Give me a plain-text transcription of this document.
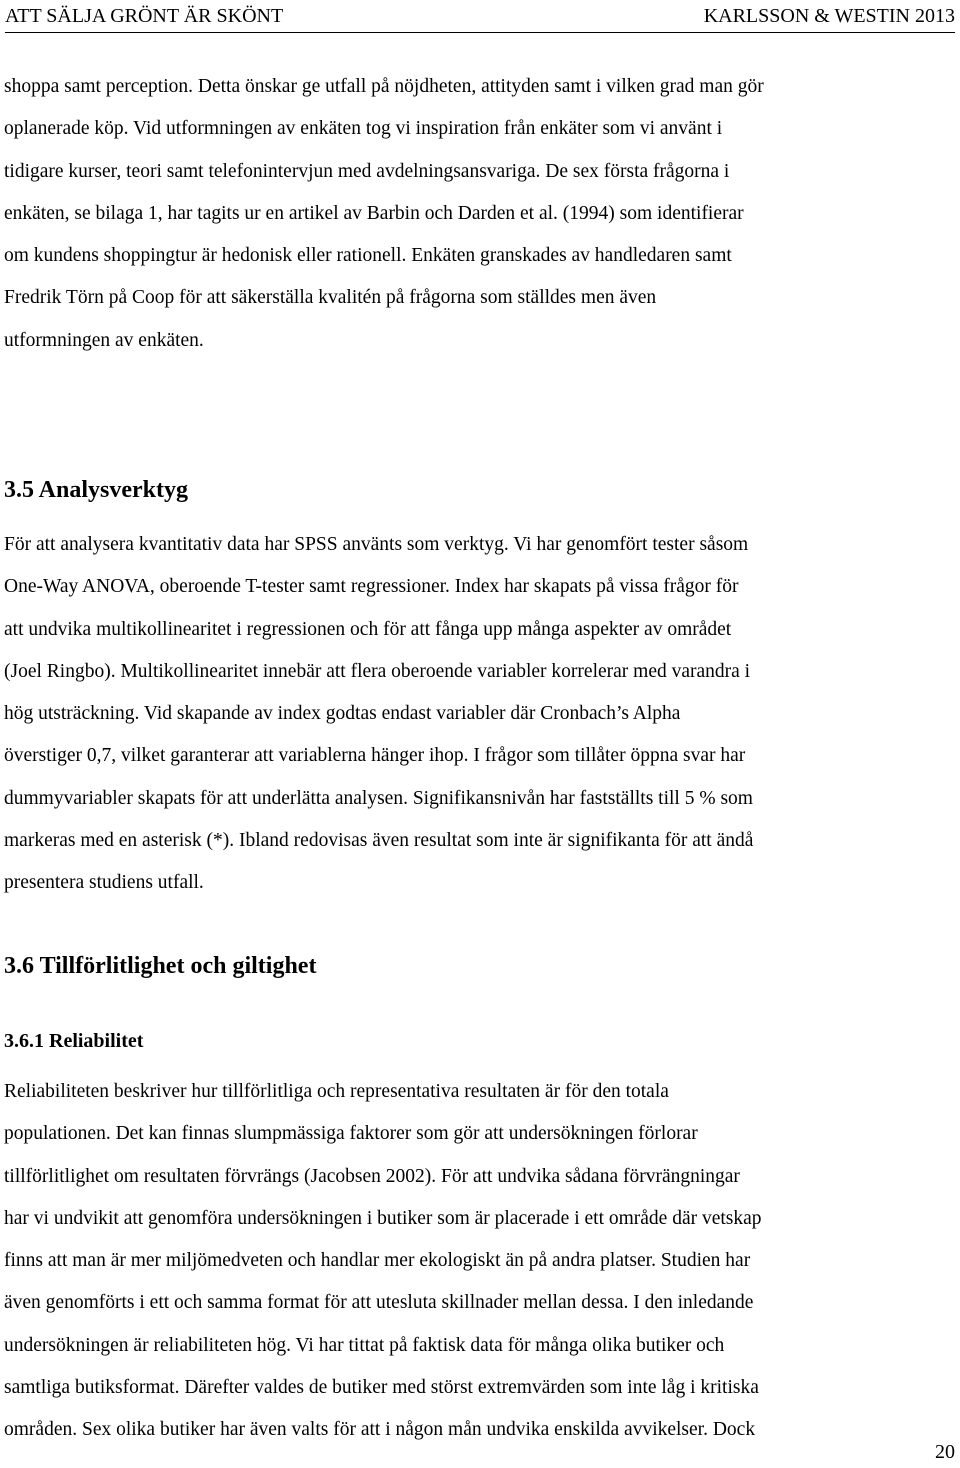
ATT SÄLJA GRÖNT ÄR SKÖNT	KARLSSON & WESTIN 2013

shoppa samt perception. Detta önskar ge utfall på nöjdheten, attityden samt i vilken grad man gör
oplanerade köp. Vid utformningen av enkäten tog vi inspiration från enkäter som vi använt i
tidigare kurser, teori samt telefonintervjun med avdelningsansvariga. De sex första frågorna i
enkäten, se bilaga 1, har tagits ur en artikel av Barbin och Darden et al. (1994) som identifierar
om kundens shoppingtur är hedonisk eller rationell. Enkäten granskades av handledaren samt
Fredrik Törn på Coop för att säkerställa kvalitén på frågorna som ställdes men även
utformningen av enkäten.

3.5 Analysverktyg

För att analysera kvantitativ data har SPSS använts som verktyg. Vi har genomfört tester såsom
One-Way ANOVA, oberoende T-tester samt regressioner. Index har skapats på vissa frågor för
att undvika multikollinearitet i regressionen och för att fånga upp många aspekter av området
(Joel Ringbo). Multikollinearitet innebär att flera oberoende variabler korrelerar med varandra i
hög utsträckning. Vid skapande av index godtas endast variabler där Cronbach’s Alpha
överstiger 0,7, vilket garanterar att variablerna hänger ihop. I frågor som tillåter öppna svar har
dummyvariabler skapats för att underlätta analysen. Signifikansnivån har fastställts till 5 % som
markeras med en asterisk (*). Ibland redovisas även resultat som inte är signifikanta för att ändå
presentera studiens utfall.

3.6 Tillförlitlighet och giltighet
3.6.1 Reliabilitet

Reliabiliteten beskriver hur tillförlitliga och representativa resultaten är för den totala
populationen. Det kan finnas slumpmässiga faktorer som gör att undersökningen förlorar
tillförlitlighet om resultaten förvrängs (Jacobsen 2002). För att undvika sådana förvrängningar
har vi undvikit att genomföra undersökningen i butiker som är placerade i ett område där vetskap
finns att man är mer miljömedveten och handlar mer ekologiskt än på andra platser. Studien har
även genomförts i ett och samma format för att utesluta skillnader mellan dessa. I den inledande
undersökningen är reliabiliteten hög. Vi har tittat på faktisk data för många olika butiker och
samtliga butiksformat. Därefter valdes de butiker med störst extremvärden som inte låg i kritiska
områden. Sex olika butiker har även valts för att i någon mån undvika enskilda avvikelser. Dock

20
